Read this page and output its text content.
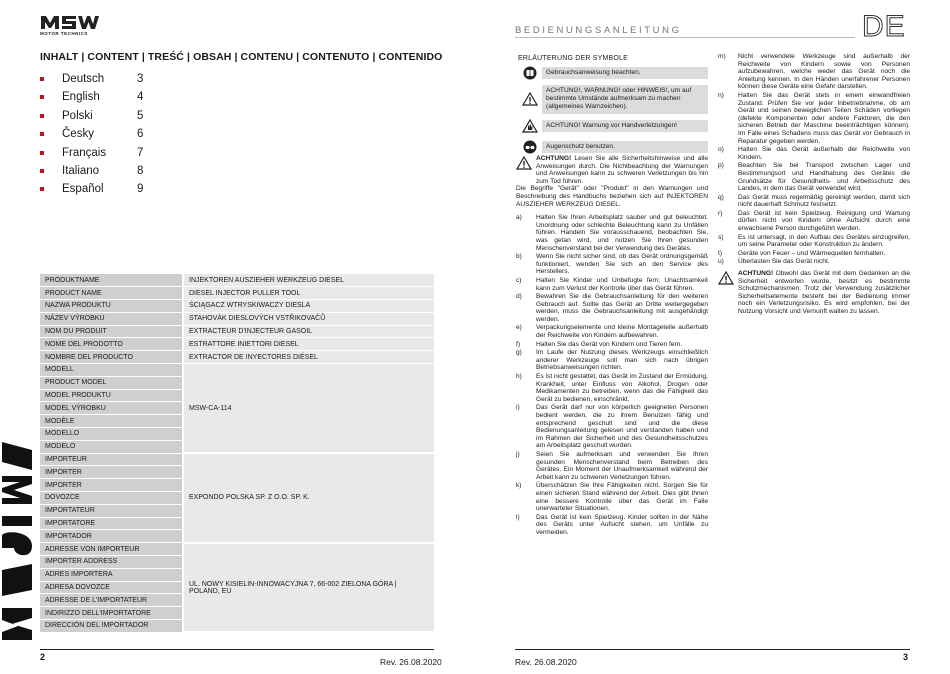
MOTOR TECHNICS
INHALT | CONTENT | TREŚĆ | OBSAH | CONTENU | CONTENUTO | CONTENIDO
Deutsch	3
English	4
Polski	5
Česky	6
Français	7
Italiano	8
Español	9
PRODUKTNAME	INJEKTOREN AUSZIEHER WERKZEUG DIESEL
PRODUCT NAME	DIESEL INJECTOR PULLER TOOL
NAZWA PRODUKTU	ŚCIĄGACZ WTRYSKIWACZY DIESLA
NÁZEV VÝROBKU	STAHOVÁK DIESLOVÝCH VSTŘIKOVAČŮ
NOM DU PRODUIT	EXTRACTEUR D'INJECTEUR GASOIL
NOME DEL PRODOTTO	ESTRATTORE INIETTORI DIESEL
NOMBRE DEL PRODUCTO	EXTRACTOR DE INYECTORES DIÉSEL
MODELL	MSW-CA-114
PRODUCT MODEL	
MODEL PRODUKTU	
MODEL VÝROBKU	
MODÈLE	
MODELLO	
MODELO	
IMPORTEUR	EXPONDO POLSKA SP. Z O.O. SP. K.
IMPORTER	
IMPORTER	
DOVOZCE	
IMPORTATEUR	
IMPORTATORE	
IMPORTADOR	
ADRESSE VON IMPORTEUR	UL. NOWY KISIELIN-INNOWACYJNA 7, 66-002 ZIELONA GÓRA | POLAND, EU
IMPORTER ADDRESS	
ADRES IMPORTERA	
ADRESA DOVOZCE	
ADRESSE DE L'IMPORTATEUR	
INDIRIZZO DELL'IMPORTATORE	
DIRECCIÓN DEL IMPORTADOR	
2	Rev. 26.08.2020
BEDIENUNGSANLEITUNG	DE
ERLÄUTERUNG DER SYMBOLE
Gebrauchsanweisung beachten.
ACHTUNG!, WARNUNG! oder HINWEIS!, um auf bestimmte Umstände aufmerksam zu machen (allgemeines Warnzeichen).
ACHTUNG! Warnung vor Handverletzungen!
Augenschutz benutzen.

ACHTUNG! Lesen Sie alle Sicherheitshinweise und alle Anweisungen durch. Die Nichtbeachtung der Warnungen und Anweisungen kann zu schweren Verletzungen bis hin zum Tod führen.

Die Begriffe "Gerät" oder "Produkt" in den Warnungen und Beschreibung des Handbuchs beziehen sich auf INJEKTOREN AUSZIEHER WERKZEUG DIESEL.

a)	Halten Sie Ihren Arbeitsplatz sauber und gut beleuchtet. Unordnung oder schlechte Beleuchtung kann zu Unfällen führen. Handeln Sie vorausschauend, beobachten Sie, was getan wird, und nutzen Sie Ihren gesunden Menschenverstand bei der Verwendung des Gerätes.
b)	Wenn Sie nicht sicher sind, ob das Gerät ordnungsgemäß funktioniert, wenden Sie sich an den Service des Herstellers.
c)	Halten Sie Kinder und Unbefugte fern; Unachtsamkeit kann zum Verlust der Kontrolle über das Gerät führen.
d)	Bewahren Sie die Gebrauchsanleitung für den weiteren Gebrauch auf. Sollte das Gerät an Dritte weitergegeben werden, muss die Gebrauchsanleitung mit ausgehändigt werden.
e)	Verpackungselemente und kleine Montageteile außerhalb der Reichweite von Kindern aufbewahren.
f)	Halten Sie das Gerät von Kindern und Tieren fern.
g)	Im Laufe der Nutzung dieses Werkzeugs einschließlich anderer Werkzeuge soll man sich nach übrigen Betriebsanweisungen richten.
h)	Es ist nicht gestattet, das Gerät im Zustand der Ermüdung, Krankheit, unter Einfluss von Alkohol, Drogen oder Medikamenten zu betreiben, wenn das die Fähigkeit das Gerät zu bedienen, einschränkt.
i)	Das Gerät darf nur von körperlich geeigneten Personen bedient werden, die zu ihrem Benutzen fähig und entsprechend geschult sind und die diese Bedienungsanleitung gelesen und verstanden haben und im Rahmen der Sicherheit und des Gesundheitsschutzes am Arbeitsplatz geschult wurden.
j)	Seien Sie aufmerksam und verwenden Sie Ihren gesunden Menschenverstand beim Betreiben des Gerätes. Ein Moment der Unaufmerksamkeit während der Arbeit kann zu schweren Verletzungen führen.
k)	Überschätzen Sie Ihre Fähigkeiten nicht. Sorgen Sie für einen sicheren Stand während der Arbeit. Dies gibt Ihnen eine bessere Kontrolle über das Gerät im Falle unerwarteter Situationen.
l)	Das Gerät ist kein Spielzeug. Kinder sollten in der Nähe des Geräts unter Aufsicht stehen, um Unfälle zu vermeiden.
m)	Nicht verwendete Werkzeuge sind außerhalb der Reichweite von Kindern sowie von Personen aufzubewahren, welche weder das Gerät noch die Anleitung kennen. In den Händen unerfahrener Personen können diese Geräte eine Gefahr darstellen.
n)	Halten Sie das Gerät stets in einem einwandfreien Zustand. Prüfen Sie vor jeder Inbetriebnahme, ob am Gerät und seinen beweglichen Teilen Schäden vorliegen (defekte Komponenten oder andere Faktoren, die den sicheren Betrieb der Maschine beeinträchtigen können). Im Falle eines Schadens muss das Gerät vor Gebrauch in Reparatur gegeben werden.
o)	Halten Sie das Gerät außerhalb der Reichweite von Kindern.
p)	Beachten Sie bei Transport zwischen Lager und Bestimmungsort und Handhabung des Gerätes die Grundsätze für Gesundheits- und Arbeitsschutz des Landes, in dem das Gerät verwendet wird.
q)	Das Gerät muss regelmäßig gereinigt werden, damit sich nicht dauerhaft Schmutz festsetzt.
r)	Das Gerät ist kein Spielzeug. Reinigung und Wartung dürfen nicht von Kindern ohne Aufsicht durch eine erwachsene Person durchgeführt werden.
s)	Es ist untersagt, in den Aufbau des Gerätes einzugreifen, um seine Parameter oder Konstruktion zu ändern.
t)	Geräte von Feuer – und Wärmequellen fernhalten.
u)	Überlasten Sie das Gerät nicht.

ACHTUNG! Obwohl das Gerät mit dem Gedanken an die Sicherheit entworfen wurde, besitzt es bestimmte Schutzmechanismen. Trotz der Verwendung zusätzlicher Sicherheitselemente besteht bei der Bedienung immer noch ein Verletzungsrisiko. Es wird empfohlen, bei der Nutzung Vorsicht und Vernunft walten zu lassen.

Rev. 26.08.2020	3
